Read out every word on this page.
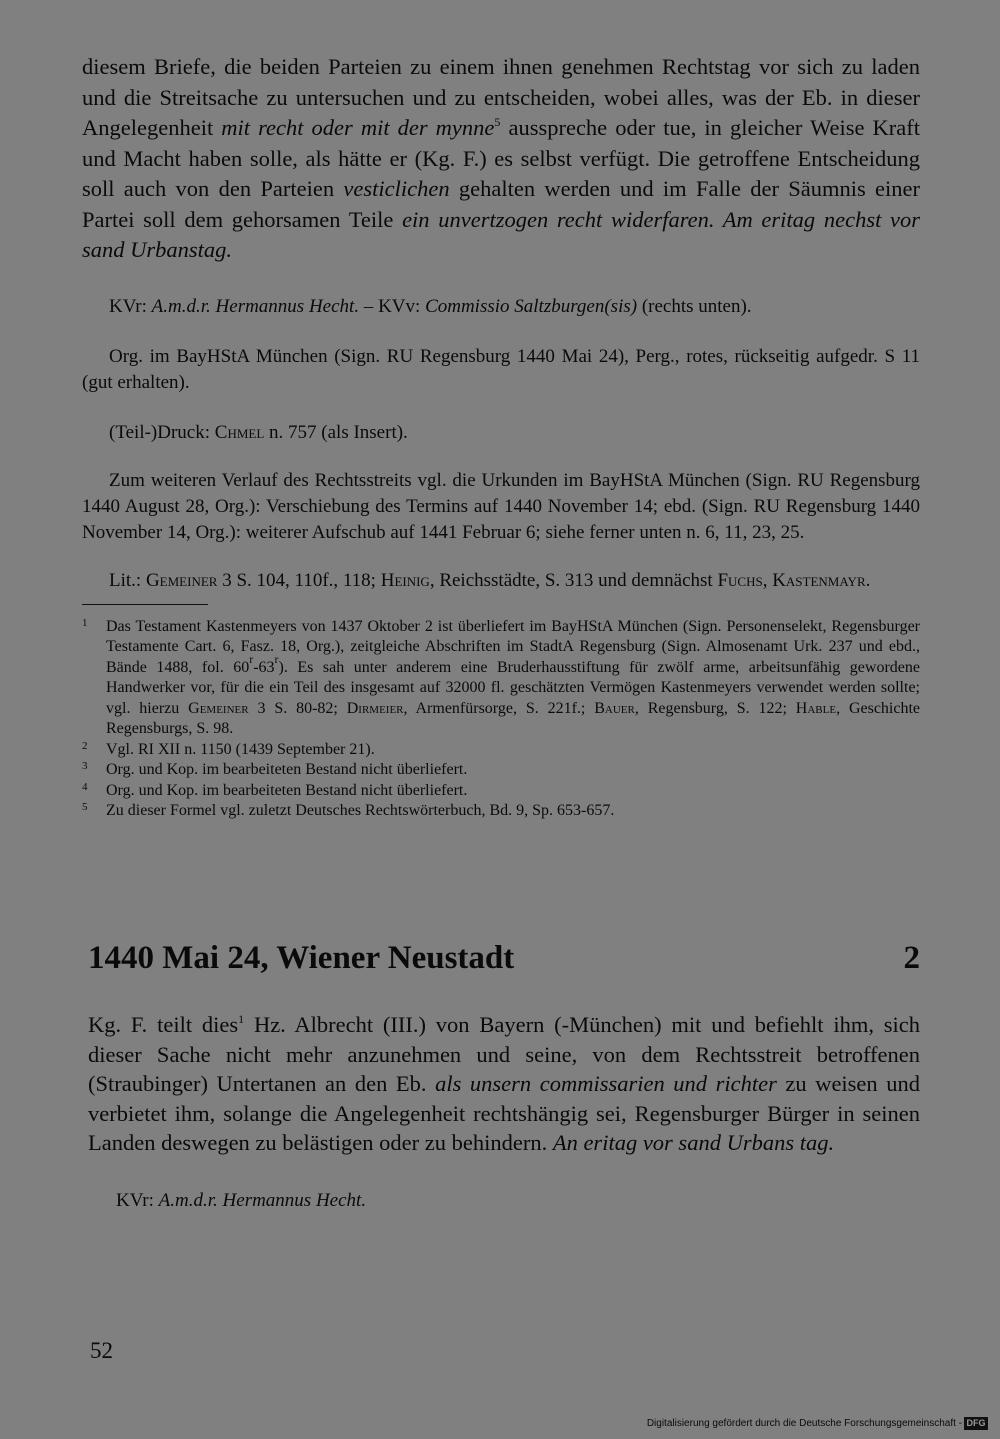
diesem Briefe, die beiden Parteien zu einem ihnen genehmen Rechtstag vor sich zu laden und die Streitsache zu untersuchen und zu entscheiden, wobei alles, was der Eb. in dieser Angelegenheit mit recht oder mit der mynne$^5$ ausspreche oder tue, in gleicher Weise Kraft und Macht haben solle, als hätte er (Kg. F.) es selbst verfügt. Die getroffene Entscheidung soll auch von den Parteien vesticlichen gehalten werden und im Falle der Säumnis einer Partei soll dem gehorsamen Teile ein unvertzogen recht widerfaren. Am eritag nechst vor sand Urbanstag.

KVr: A.m.d.r. Hermannus Hecht. – KVv: Commissio Saltzburgen(sis) (rechts unten).

Org. im BayHStA München (Sign. RU Regensburg 1440 Mai 24), Perg., rotes, rückseitig aufgedr. S 11 (gut erhalten).

(Teil-)Druck: Chmel n. 757 (als Insert).

Zum weiteren Verlauf des Rechtsstreits vgl. die Urkunden im BayHStA München (Sign. RU Regensburg 1440 August 28, Org.): Verschiebung des Termins auf 1440 November 14; ebd. (Sign. RU Regensburg 1440 November 14, Org.): weiterer Aufschub auf 1441 Februar 6; siehe ferner unten n. 6, 11, 23, 25.

Lit.: Gemeiner 3 S. 104, 110f., 118; Heinig, Reichsstädte, S. 313 und demnächst Fuchs, Kastenmayr.

1 Das Testament Kastenmeyers von 1437 Oktober 2 ist überliefert im BayHStA München (Sign. Personenselekt, Regensburger Testamente Cart. 6, Fasz. 18, Org.), zeitgleiche Abschriften im StadtA Regensburg (Sign. Almosenamt Urk. 237 und ebd., Bände 1488, fol. 60$^r$-63$^r$). Es sah unter anderem eine Bruderhausstiftung für zwölf arme, arbeitsunfähig gewordene Handwerker vor, für die ein Teil des insgesamt auf 32000 fl. geschätzten Vermögen Kastenmeyers verwendet werden sollte; vgl. hierzu Gemeiner 3 S. 80-82; Dirmeier, Armenfürsorge, S. 221f.; Bauer, Regensburg, S. 122; Hable, Geschichte Regensburgs, S. 98.
2 Vgl. RI XII n. 1150 (1439 September 21).
3 Org. und Kop. im bearbeiteten Bestand nicht überliefert.
4 Org. und Kop. im bearbeiteten Bestand nicht überliefert.
5 Zu dieser Formel vgl. zuletzt Deutsches Rechtswörterbuch, Bd. 9, Sp. 653-657.
1440 Mai 24, Wiener Neustadt	2

Kg. F. teilt dies$^1$ Hz. Albrecht (III.) von Bayern (-München) mit und befiehlt ihm, sich dieser Sache nicht mehr anzunehmen und seine, von dem Rechtsstreit betroffenen (Straubinger) Untertanen an den Eb. als unsern commissarien und richter zu weisen und verbietet ihm, solange die Angelegenheit rechtshängig sei, Regensburger Bürger in seinen Landen deswegen zu belästigen oder zu behindern. An eritag vor sand Urbans tag.

KVr: A.m.d.r. Hermannus Hecht.

52
Digitalisierung gefördert durch die Deutsche Forschungsgemeinschaft - DFG
